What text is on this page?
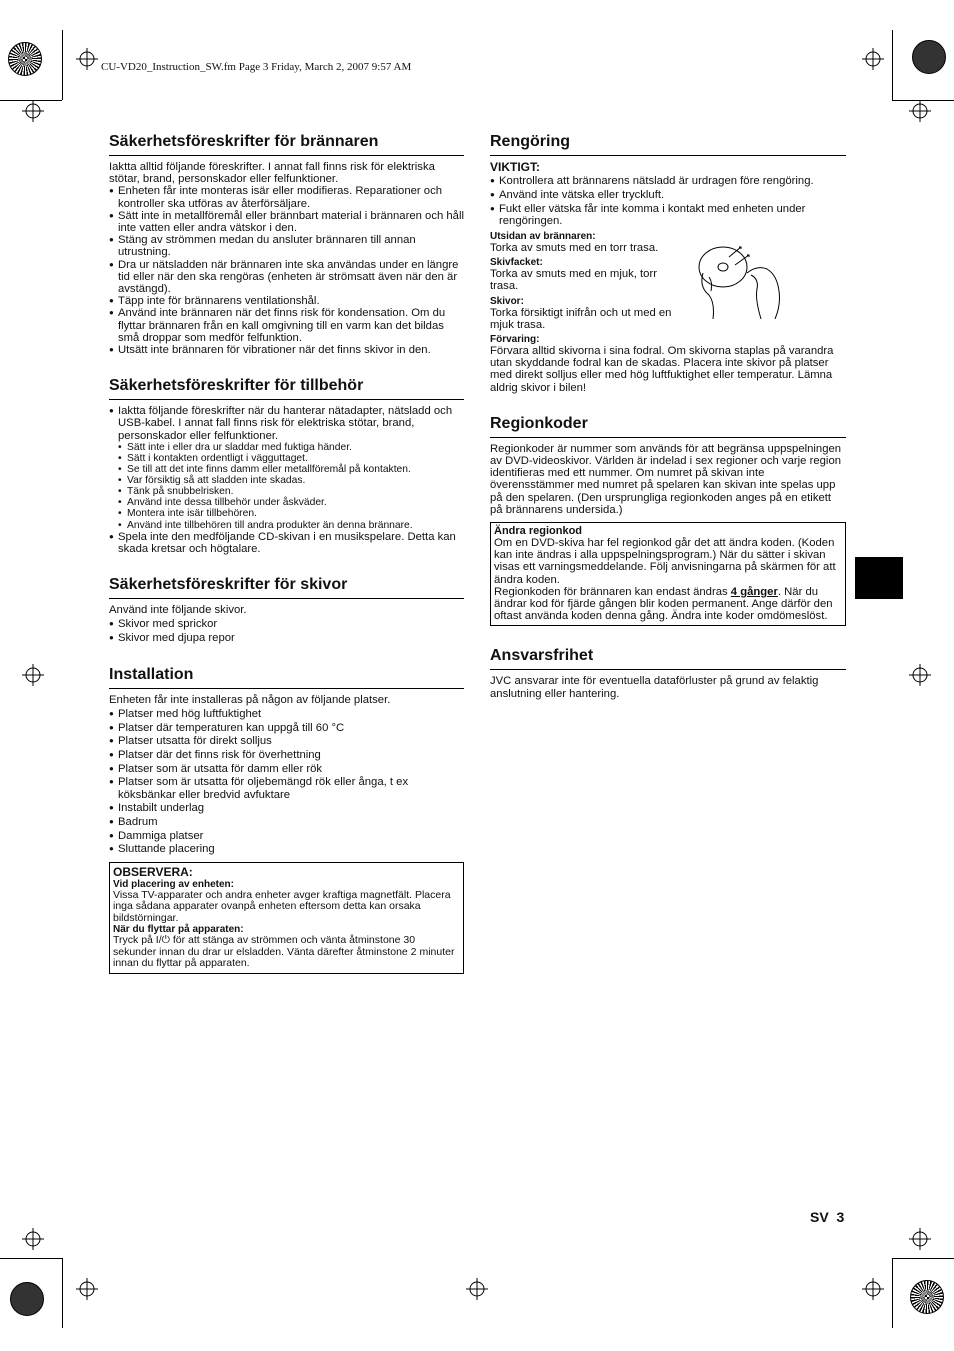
CU-VD20_Instruction_SW.fm Page 3 Friday, March 2, 2007 9:57 AM
Säkerhetsföreskrifter för brännaren

Iaktta alltid följande föreskrifter. I annat fall finns risk för elektriska stötar, brand, personskador eller felfunktioner.

● Enheten får inte monteras isär eller modifieras. Reparationer och kontroller ska utföras av återförsäljare.
● Sätt inte in metallföremål eller brännbart material i brännaren och håll inte vatten eller andra vätskor i den.
● Stäng av strömmen medan du ansluter brännaren till annan utrustning.
● Dra ur nätsladden när brännaren inte ska användas under en längre tid eller när den ska rengöras (enheten är strömsatt även när den är avstängd).
● Täpp inte för brännarens ventilationshål.
● Använd inte brännaren när det finns risk för kondensation. Om du flyttar brännaren från en kall omgivning till en varm kan det bildas små droppar som medför felfunktion.
● Utsätt inte brännaren för vibrationer när det finns skivor in den.
Säkerhetsföreskrifter för tillbehör
● Iaktta följande föreskrifter när du hanterar nätadapter, nätsladd och USB-kabel. I annat fall finns risk för elektriska stötar, brand, personskador eller felfunktioner.
• Sätt inte i eller dra ur sladdar med fuktiga händer.
• Sätt i kontakten ordentligt i vägguttaget.
• Se till att det inte finns damm eller metallföremål på kontakten.
• Var försiktig så att sladden inte skadas.
• Tänk på snubbelrisken.
• Använd inte dessa tillbehör under åskväder.
• Montera inte isär tillbehören.
• Använd inte tillbehören till andra produkter än denna brännare.
● Spela inte den medföljande CD-skivan i en musikspelare. Detta kan skada kretsar och högtalare.
Säkerhetsföreskrifter för skivor

Använd inte följande skivor.

● Skivor med sprickor
● Skivor med djupa repor
Installation

Enheten får inte installeras på någon av följande platser.

● Platser med hög luftfuktighet
● Platser där temperaturen kan uppgå till 60 °C
● Platser utsatta för direkt solljus
● Platser där det finns risk för överhettning
● Platser som är utsatta för damm eller rök
● Platser som är utsatta för oljebemängd rök eller ånga, t ex köksbänkar eller bredvid avfuktare
● Instabilt underlag
● Badrum
● Dammiga platser
● Sluttande placering
OBSERVERA:
Vid placering av enheten:
Vissa TV-apparater och andra enheter avger kraftiga magnetfält. Placera inga sådana apparater ovanpå enheten eftersom detta kan orsaka bildstörningar.
När du flyttar på apparaten:
Tryck på I/⏻ för att stänga av strömmen och vänta åtminstone 30 sekunder innan du drar ur elsladden. Vänta därefter åtminstone 2 minuter innan du flyttar på apparaten.
Rengöring
VIKTIGT:
● Kontrollera att brännarens nätsladd är urdragen före rengöring.
● Använd inte vätska eller tryckluft.
● Fukt eller vätska får inte komma i kontakt med enheten under rengöringen.
Utsidan av brännaren:

Torka av smuts med en torr trasa.

Skivfacket:

Torka av smuts med en mjuk, torr trasa.

Skivor:

Torka försiktigt inifrån och ut med en mjuk trasa.

Förvaring:

Förvara alltid skivorna i sina fodral. Om skivorna staplas på varandra utan skyddande fodral kan de skadas. Placera inte skivor på platser med direkt solljus eller med hög luftfuktighet eller temperatur. Lämna aldrig skivor i bilen!

Regionkoder

Regionkoder är nummer som används för att begränsa uppspelningen av DVD-videoskivor. Världen är indelad i sex regioner och varje region identifieras med ett nummer. Om numret på skivan inte överensstämmer med numret på spelaren kan skivan inte spelas upp på den spelaren. (Den ursprungliga regionkoden anges på en etikett på brännarens undersida.)

Ändra regionkod

Om en DVD-skiva har fel regionkod går det att ändra koden. (Koden kan inte ändras i alla uppspelningsprogram.) När du sätter i skivan visas ett varningsmeddelande. Följ anvisningarna på skärmen för att ändra koden.

Regionkoden för brännaren kan endast ändras 4 gånger. När du ändrar kod för fjärde gången blir koden permanent. Ange därför den oftast använda koden denna gång. Ändra inte koder omdömeslöst.

Ansvarsfrihet

JVC ansvarar inte för eventuella dataförluster på grund av felaktig anslutning eller hantering.

SV 3
